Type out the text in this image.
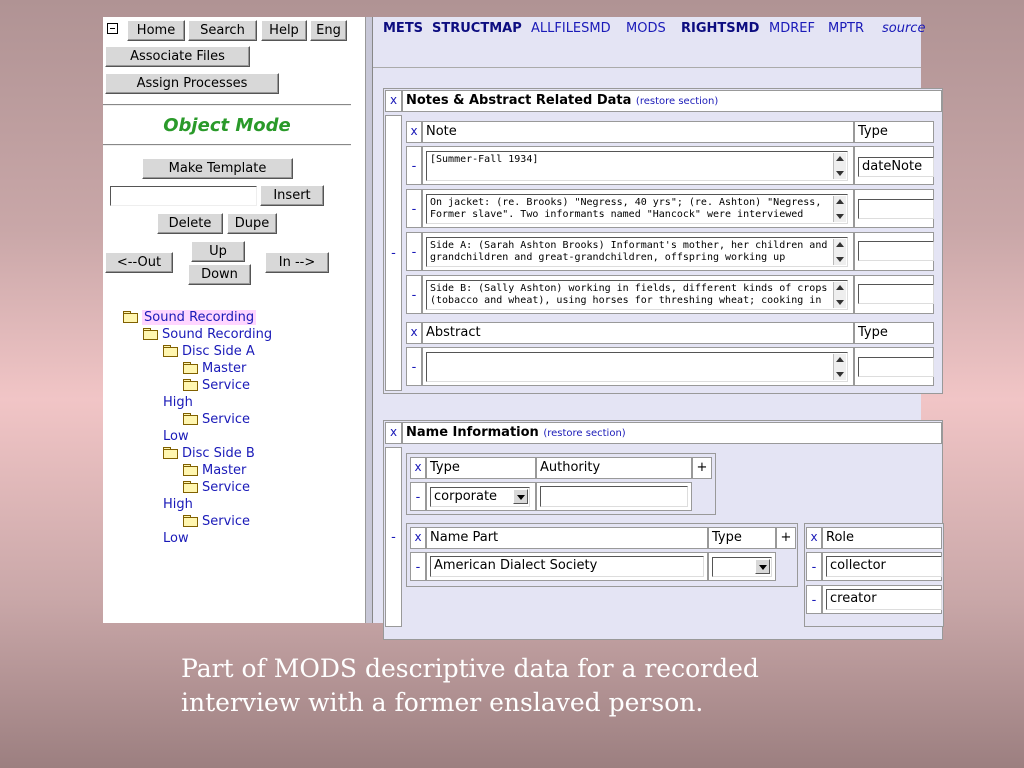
Home	Search	Help	Eng
Associate Files
Assign Processes
Object Mode
Make Template
Insert
Delete	Dupe
<--Out
Up
Down
In -->
Sound Recording
Sound Recording
Disc Side A
Master
Service
High
Service
Low
Disc Side B
Master
Service
High
Service
Low
METS STRUCTMAP ALLFILESMD MODS RIGHTSMD MDREF MPTR source
x Notes & Abstract Related Data (restore section)
-
x Note	Type
-	[Summer-Fall 1934]	dateNote
-	On jacket: (re. Brooks) "Negress, 40 yrs"; (re. Ashton) "Negress, Former slave". Two informants named "Hancock" were interviewed
-	Side A: (Sarah Ashton Brooks) Informant's mother, her children and grandchildren and great-grandchildren, offspring working up
-	Side B: (Sally Ashton) working in fields, different kinds of crops (tobacco and wheat), using horses for threshing wheat; cooking in
x Abstract	Type
-
x Name Information (restore section)
-
x Type	Authority	+
-	corporate
x Name Part	Type	+
-	American Dialect Society
x Role
-	collector
-	creator
Part of MODS descriptive data for a recorded interview with a former enslaved person.
